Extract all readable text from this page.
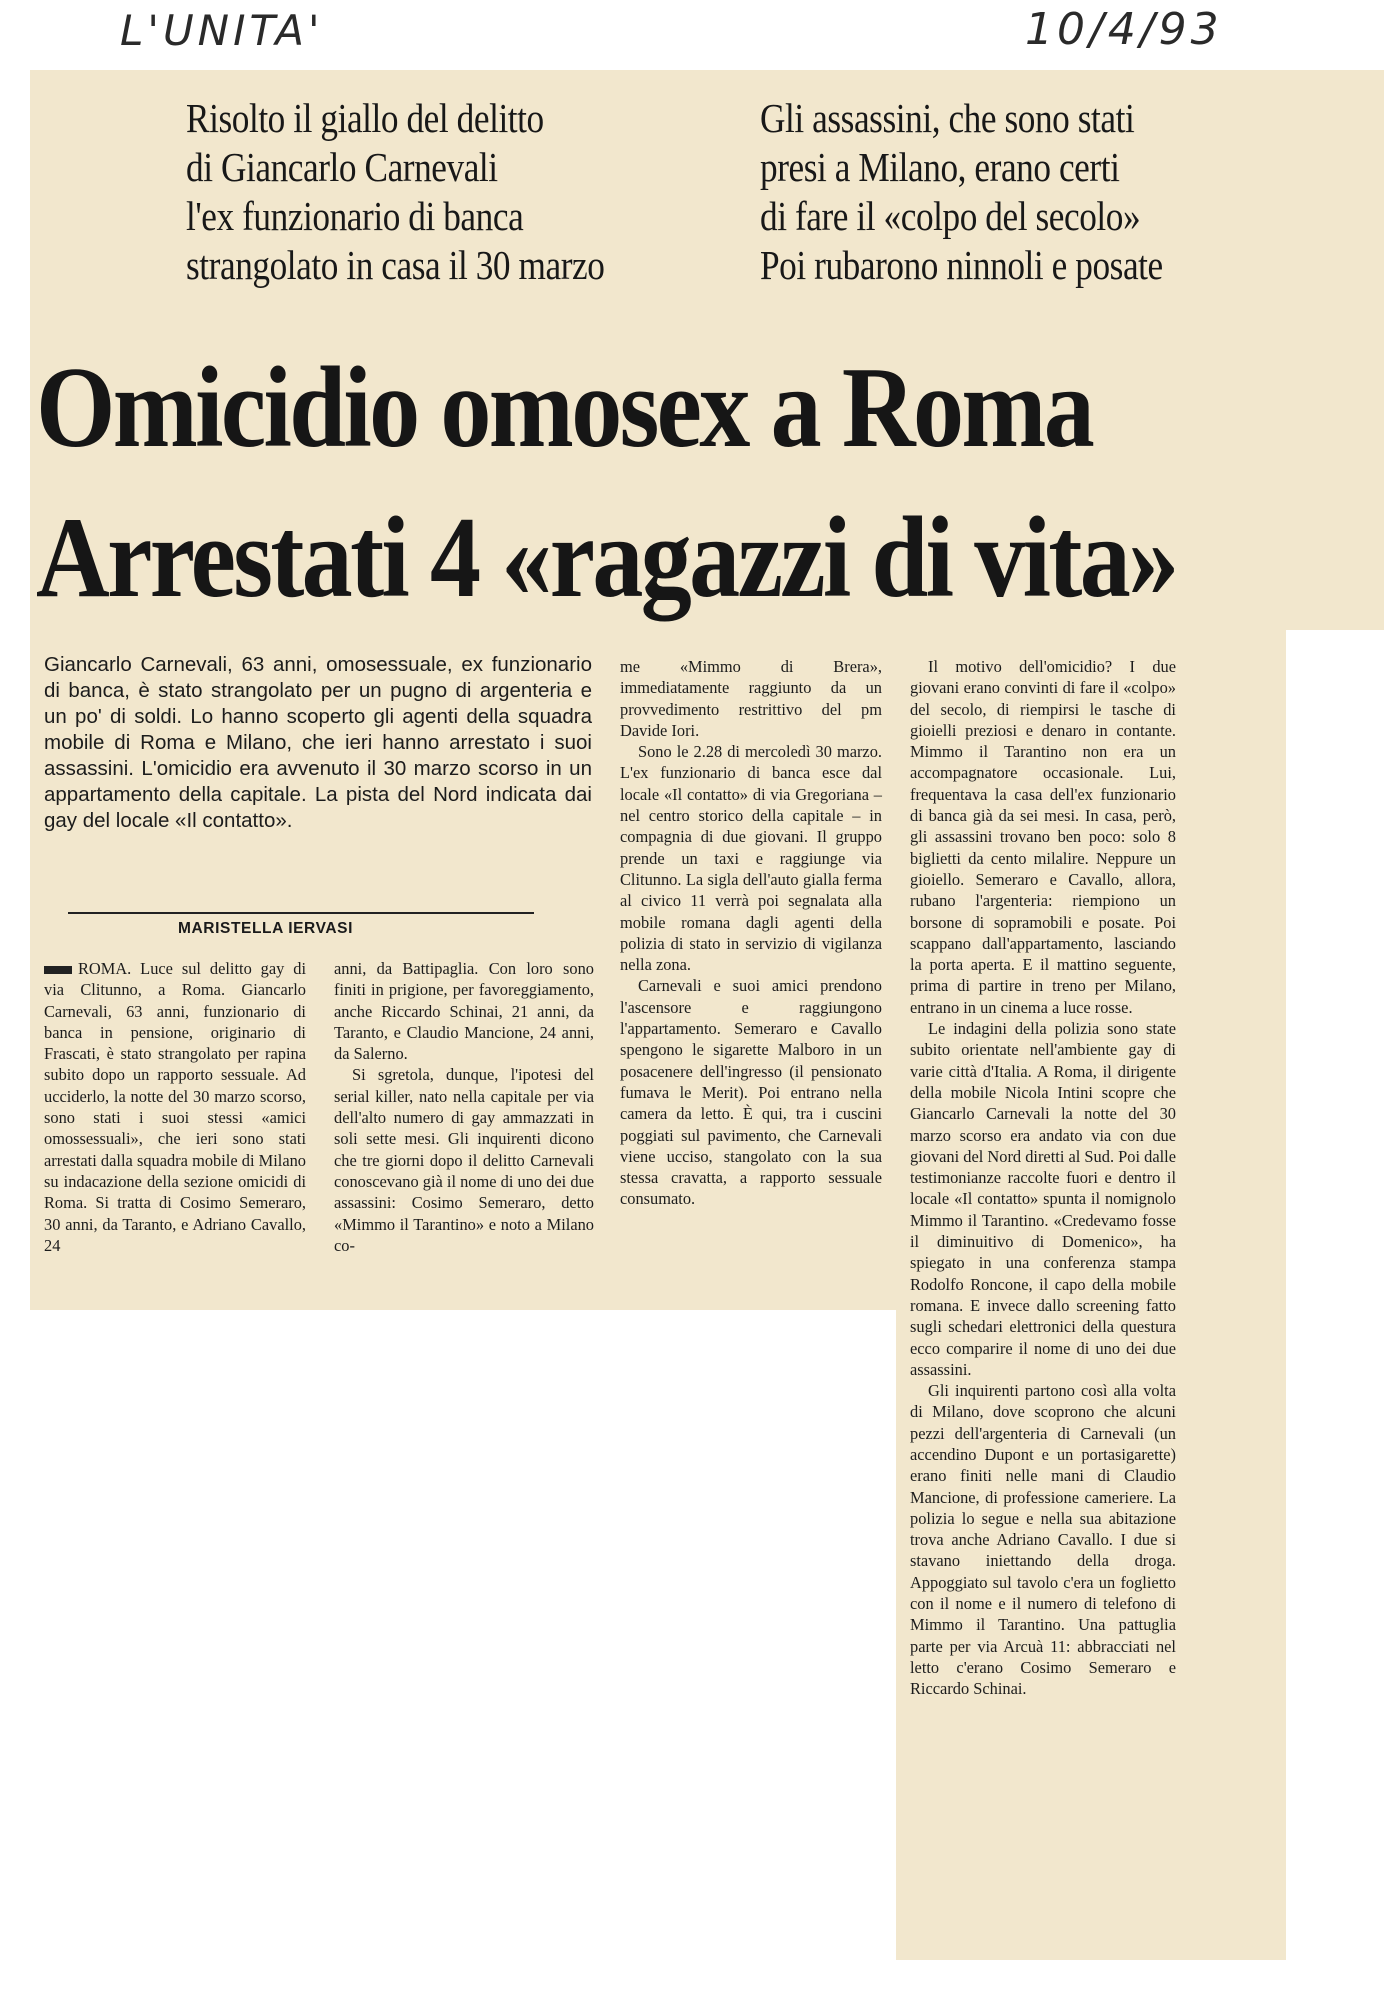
L'UNITA'	10/4/93
Risolto il giallo del delitto
di Giancarlo Carnevali
l'ex funzionario di banca
strangolato in casa il 30 marzo
Gli assassini, che sono stati
presi a Milano, erano certi
di fare il «colpo del secolo»
Poi rubarono ninnoli e posate
Omicidio omosex a Roma
Arrestati 4 «ragazzi di vita»
Giancarlo Carnevali, 63 anni, omosessuale, ex funzionario di banca, è stato strangolato per un pugno di argenteria e un po' di soldi. Lo hanno scoperto gli agenti della squadra mobile di Roma e Milano, che ieri hanno arrestato i suoi assassini. L'omicidio era avvenuto il 30 marzo scorso in un appartamento della capitale. La pista del Nord indicata dai gay del locale «Il contatto».
MARISTELLA IERVASI

ROMA. Luce sul delitto gay di via Clitunno, a Roma. Giancarlo Carnevali, 63 anni, funzionario di banca in pensione, originario di Frascati, è stato strangolato per rapina subito dopo un rapporto sessuale. Ad ucciderlo, la notte del 30 marzo scorso, sono stati i suoi stessi «amici omossessuali», che ieri sono stati arrestati dalla squadra mobile di Milano su indacazione della sezione omicidi di Roma. Si tratta di Cosimo Semeraro, 30 anni, da Taranto, e Adriano Cavallo, 24

anni, da Battipaglia. Con loro sono finiti in prigione, per favoreggiamento, anche Riccardo Schinai, 21 anni, da Taranto, e Claudio Mancione, 24 anni, da Salerno.

Si sgretola, dunque, l'ipotesi del serial killer, nato nella capitale per via dell'alto numero di gay ammazzati in soli sette mesi. Gli inquirenti dicono che tre giorni dopo il delitto Carnevali conoscevano già il nome di uno dei due assassini: Cosimo Semeraro, detto «Mimmo il Tarantino» e noto a Milano co-

me «Mimmo di Brera», immediatamente raggiunto da un provvedimento restrittivo del pm Davide Iori.

Sono le 2.28 di mercoledì 30 marzo. L'ex funzionario di banca esce dal locale «Il contatto» di via Gregoriana – nel centro storico della capitale – in compagnia di due giovani. Il gruppo prende un taxi e raggiunge via Clitunno. La sigla dell'auto gialla ferma al civico 11 verrà poi segnalata alla mobile romana dagli agenti della polizia di stato in servizio di vigilanza nella zona.

Carnevali e suoi amici prendono l'ascensore e raggiungono l'appartamento. Semeraro e Cavallo spengono le sigarette Malboro in un posacenere dell'ingresso (il pensionato fumava le Merit). Poi entrano nella camera da letto. È qui, tra i cuscini poggiati sul pavimento, che Carnevali viene ucciso, stangolato con la sua stessa cravatta, a rapporto sessuale consumato.

Il motivo dell'omicidio? I due giovani erano convinti di fare il «colpo» del secolo, di riempirsi le tasche di gioielli preziosi e denaro in contante. Mimmo il Tarantino non era un accompagnatore occasionale. Lui, frequentava la casa dell'ex funzionario di banca già da sei mesi. In casa, però, gli assassini trovano ben poco: solo 8 biglietti da cento milalire. Neppure un gioiello. Semeraro e Cavallo, allora, rubano l'argenteria: riempiono un borsone di sopramobili e posate. Poi scappano dall'appartamento, lasciando la porta aperta. E il mattino seguente, prima di partire in treno per Milano, entrano in un cinema a luce rosse.

Le indagini della polizia sono state subito orientate nell'ambiente gay di varie città d'Italia. A Roma, il dirigente della mobile Nicola Intini scopre che Giancarlo Carnevali la notte del 30 marzo scorso era andato via con due giovani del Nord diretti al Sud. Poi dalle testimonianze raccolte fuori e dentro il locale «Il contatto» spunta il nomignolo Mimmo il Tarantino. «Credevamo fosse il diminuitivo di Domenico», ha spiegato in una conferenza stampa Rodolfo Roncone, il capo della mobile romana. E invece dallo screening fatto sugli schedari elettronici della questura ecco comparire il nome di uno dei due assassini.

Gli inquirenti partono così alla volta di Milano, dove scoprono che alcuni pezzi dell'argenteria di Carnevali (un accendino Dupont e un portasigarette) erano finiti nelle mani di Claudio Mancione, di professione cameriere. La polizia lo segue e nella sua abitazione trova anche Adriano Cavallo. I due si stavano iniettando della droga. Appoggiato sul tavolo c'era un foglietto con il nome e il numero di telefono di Mimmo il Tarantino. Una pattuglia parte per via Arcuà 11: abbracciati nel letto c'erano Cosimo Semeraro e Riccardo Schinai.
